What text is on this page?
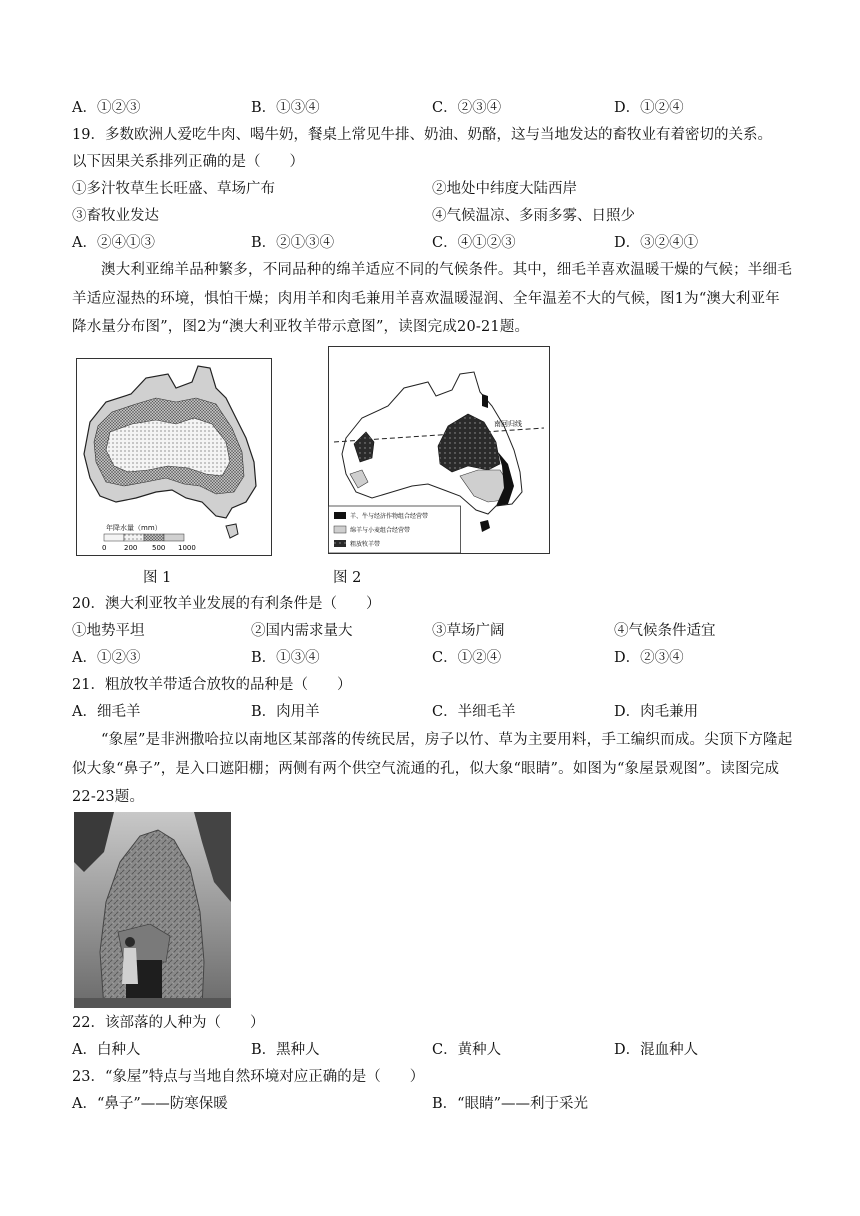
A．①②③	B．①③④	C．②③④	D．①②④
19．多数欧洲人爱吃牛肉、喝牛奶，餐桌上常见牛排、奶油、奶酪，这与当地发达的畜牧业有着密切的关系。
以下因果关系排列正确的是（　　）
①多汁牧草生长旺盛、草场广布	②地处中纬度大陆西岸
③畜牧业发达	④气候温凉、多雨多雾、日照少
A．②④①③	B．②①③④	C．④①②③	D．③②④①
澳大利亚绵羊品种繁多，不同品种的绵羊适应不同的气候条件。其中，细毛羊喜欢温暖干燥的气候；半细毛羊适应湿热的环境，惧怕干燥；肉用羊和肉毛兼用羊喜欢温暖湿润、全年温差不大的气候，图1为“澳大利亚年降水量分布图”，图2为“澳大利亚牧羊带示意图”，读图完成20-21题。
年降水量（mm）
0	200 500 1000
图 1
南回归线
羊、牛与经济作物组合经营带
绵羊与小麦组合经营带
粗放牧羊带
图 2
20．澳大利亚牧羊业发展的有利条件是（　　）
①地势平坦	②国内需求量大	③草场广阔	④气候条件适宜
A．①②③	B．①③④	C．①②④	D．②③④
21．粗放牧羊带适合放牧的品种是（　　）
A．细毛羊	B．肉用羊	C．半细毛羊	D．肉毛兼用
“象屋”是非洲撒哈拉以南地区某部落的传统民居，房子以竹、草为主要用料，手工编织而成。尖顶下方隆起似大象“鼻子”，是入口遮阳棚；两侧有两个供空气流通的孔，似大象“眼睛”。如图为“象屋景观图”。读图完成22-23题。
22．该部落的人种为（　　）
A．白种人	B．黑种人	C．黄种人	D．混血种人
23．“象屋”特点与当地自然环境对应正确的是（　　）
A．“鼻子”——防寒保暖	B．“眼睛”——利于采光
